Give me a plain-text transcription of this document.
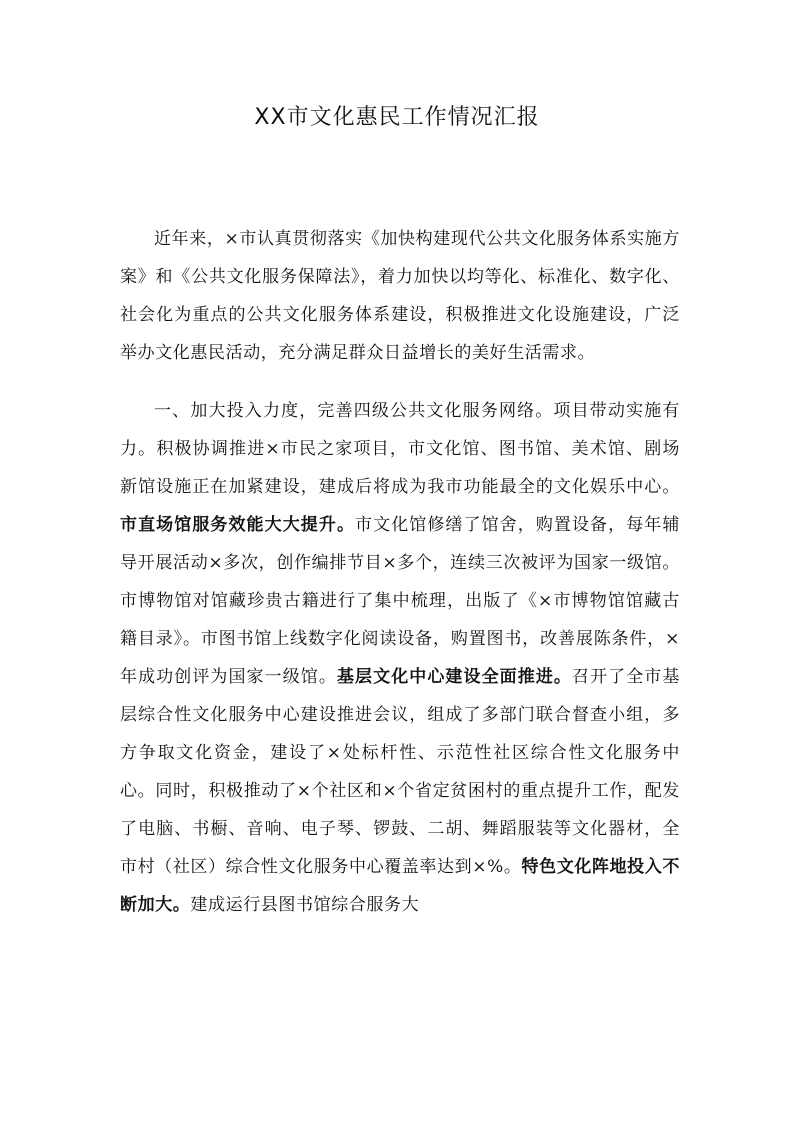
XX市文化惠民工作情况汇报

近年来，×市认真贯彻落实《加快构建现代公共文化服务体系实施方案》和《公共文化服务保障法》，着力加快以均等化、标准化、数字化、社会化为重点的公共文化服务体系建设，积极推进文化设施建设，广泛举办文化惠民活动，充分满足群众日益增长的美好生活需求。

一、加大投入力度，完善四级公共文化服务网络。项目带动实施有力。积极协调推进×市民之家项目，市文化馆、图书馆、美术馆、剧场新馆设施正在加紧建设，建成后将成为我市功能最全的文化娱乐中心。市直场馆服务效能大大提升。市文化馆修缮了馆舍，购置设备，每年辅导开展活动×多次，创作编排节目×多个，连续三次被评为国家一级馆。市博物馆对馆藏珍贵古籍进行了集中梳理，出版了《×市博物馆馆藏古籍目录》。市图书馆上线数字化阅读设备，购置图书，改善展陈条件，×年成功创评为国家一级馆。基层文化中心建设全面推进。召开了全市基层综合性文化服务中心建设推进会议，组成了多部门联合督查小组，多方争取文化资金，建设了×处标杆性、示范性社区综合性文化服务中心。同时，积极推动了×个社区和×个省定贫困村的重点提升工作，配发了电脑、书橱、音响、电子琴、锣鼓、二胡、舞蹈服装等文化器材，全市村（社区）综合性文化服务中心覆盖率达到×%。特色文化阵地投入不断加大。建成运行县图书馆综合服务大
